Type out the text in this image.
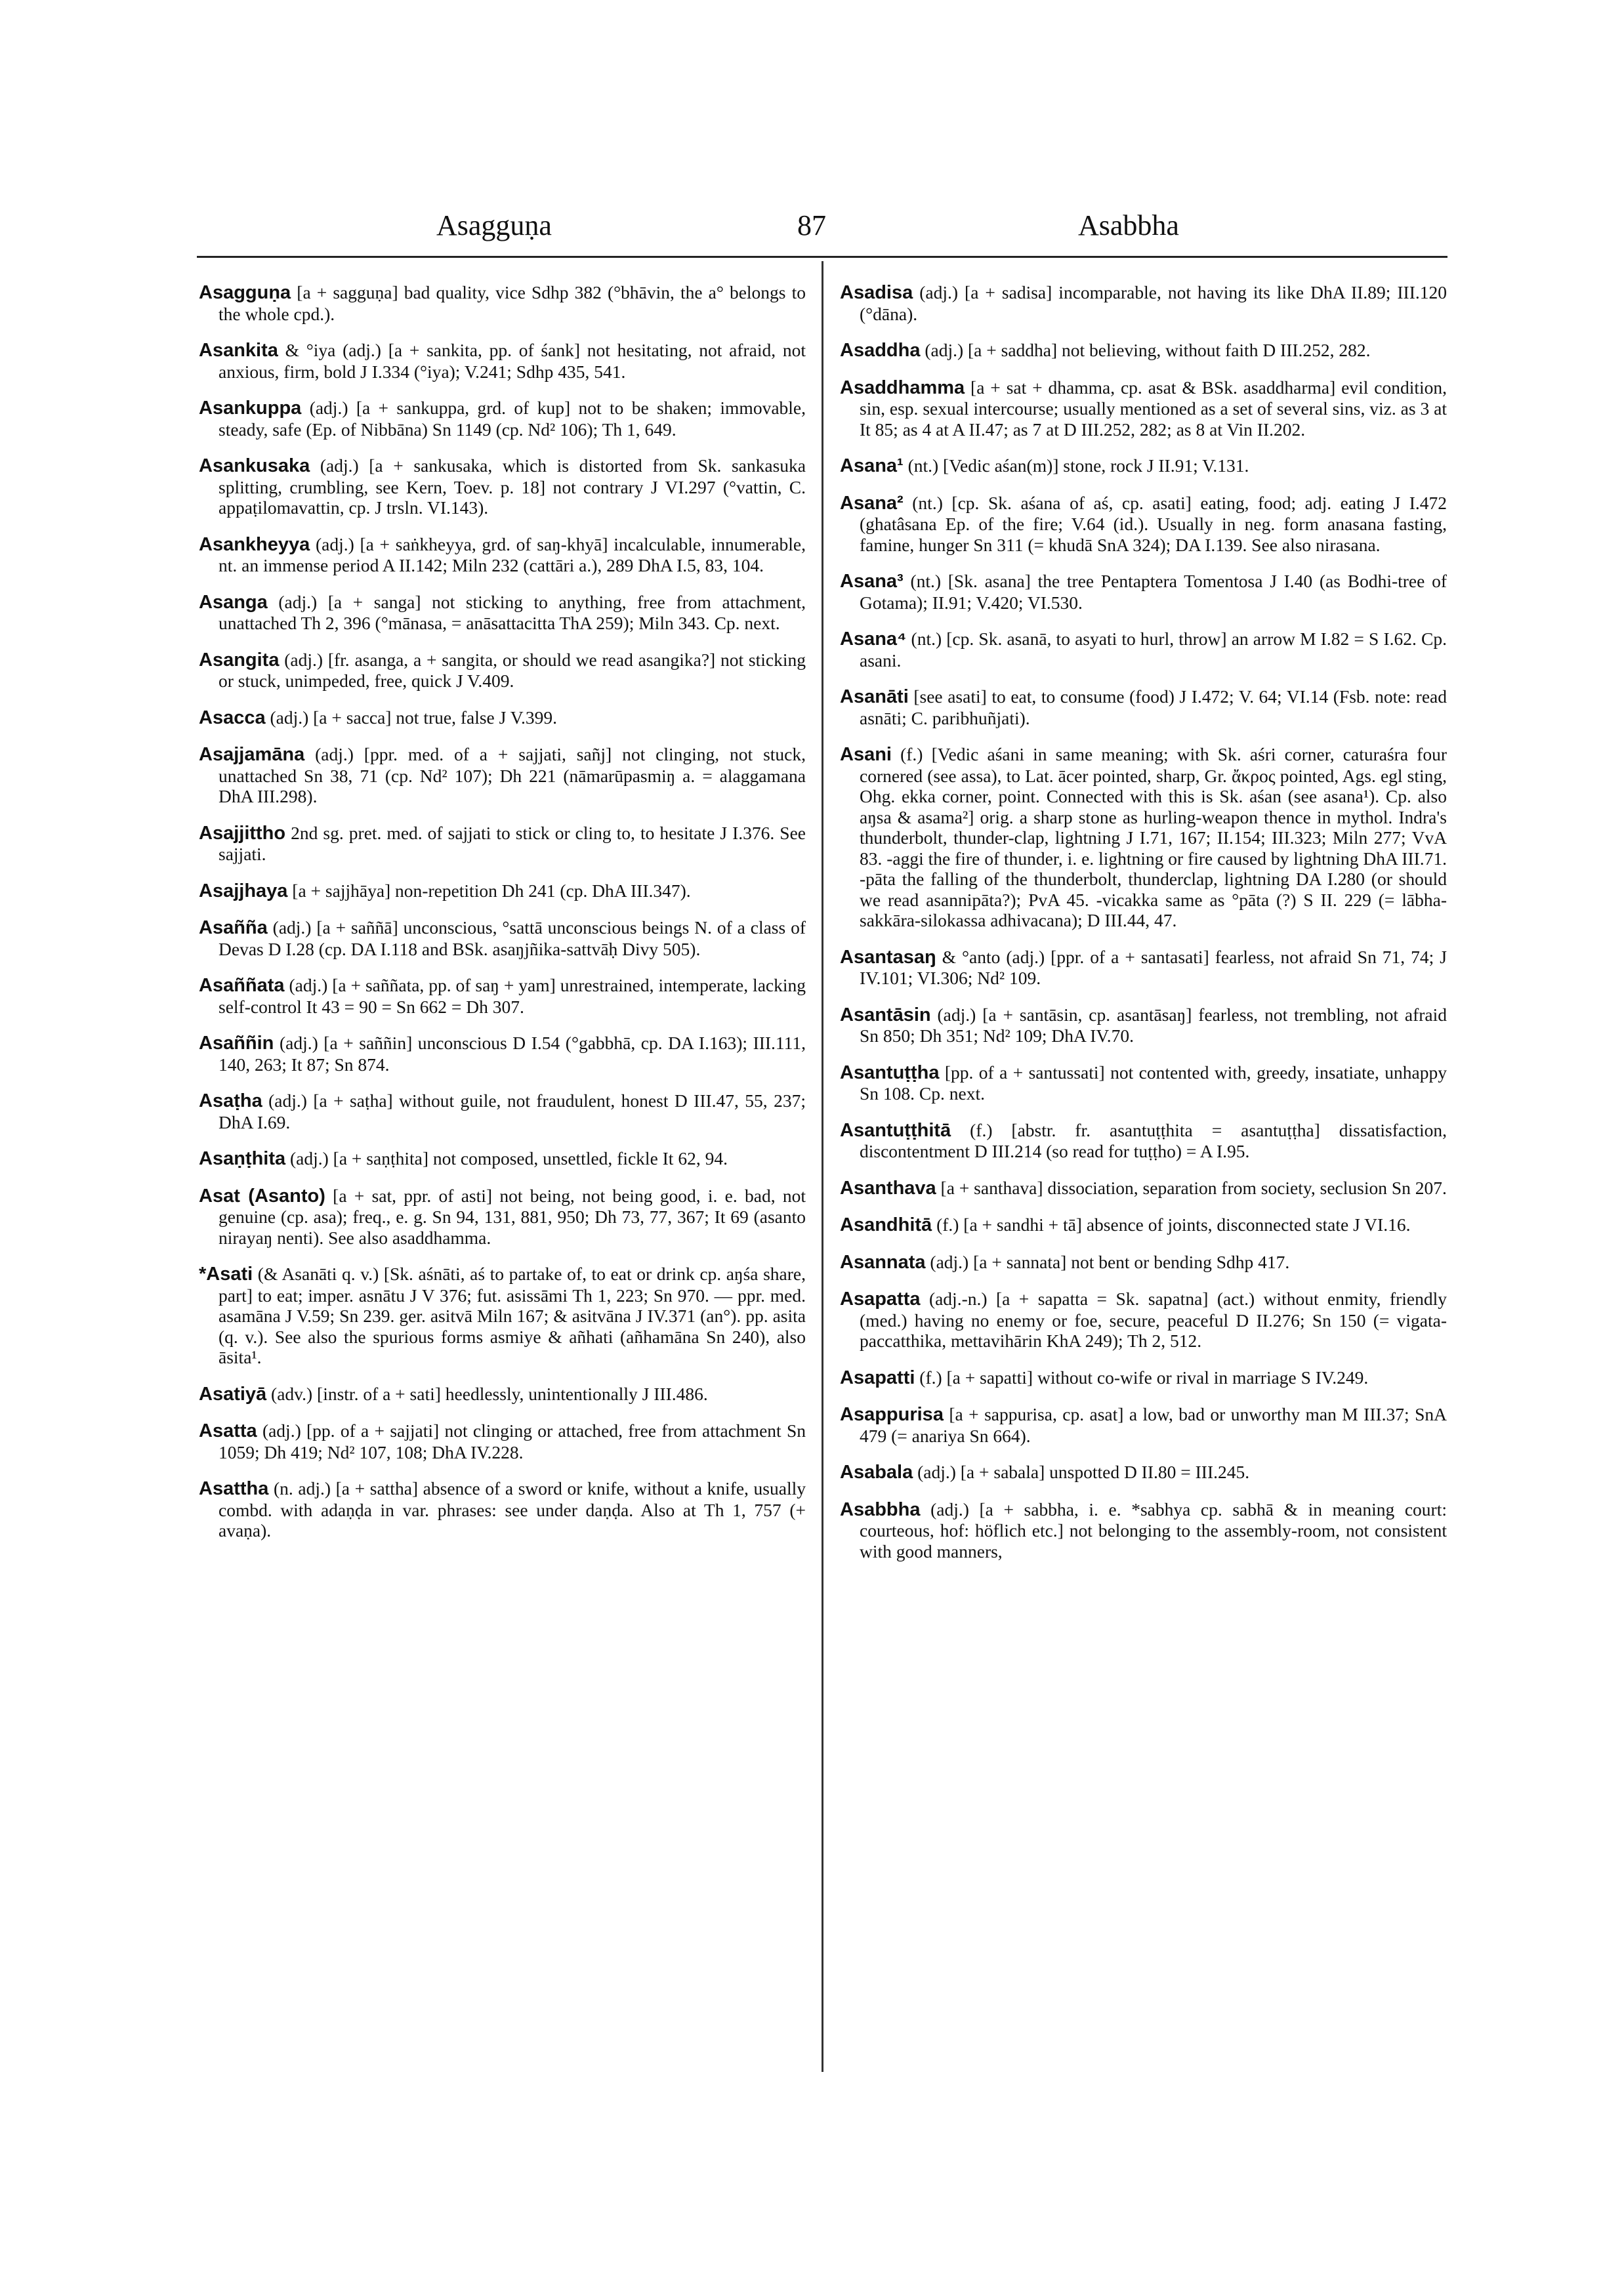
Asagguṇa	87	Asabbha

Asagguṇa [a + sagguṇa] bad quality, vice Sdhp 382 (°bhāvin, the a° belongs to the whole cpd.).

Asankita & °iya (adj.) [a + sankita, pp. of śank] not hesitating, not afraid, not anxious, firm, bold J I.334 (°iya); V.241; Sdhp 435, 541.

Asankuppa (adj.) [a + sankuppa, grd. of kup] not to be shaken; immovable, steady, safe (Ep. of Nibbāna) Sn 1149 (cp. Nd² 106); Th 1, 649.

Asankusaka (adj.) [a + sankusaka, which is distorted from Sk. sankasuka splitting, crumbling, see Kern, Toev. p. 18] not contrary J VI.297 (°vattin, C. appaṭilomavattin, cp. J trsln. VI.143).

Asankheyya (adj.) [a + saṅkheyya, grd. of saŋ-khyā] incalculable, innumerable, nt. an immense period A II.142; Miln 232 (cattāri a.), 289 DhA I.5, 83, 104.

Asanga (adj.) [a + sanga] not sticking to anything, free from attachment, unattached Th 2, 396 (°mānasa, = anāsattacitta ThA 259); Miln 343. Cp. next.

Asangita (adj.) [fr. asanga, a + sangita, or should we read asangika?] not sticking or stuck, unimpeded, free, quick J V.409.

Asacca (adj.) [a + sacca] not true, false J V.399.

Asajjamāna (adj.) [ppr. med. of a + sajjati, sañj] not clinging, not stuck, unattached Sn 38, 71 (cp. Nd² 107); Dh 221 (nāmarūpasmiŋ a. = alaggamana DhA III.298).

Asajjittho 2nd sg. pret. med. of sajjati to stick or cling to, to hesitate J I.376. See sajjati.

Asajjhaya [a + sajjhāya] non-repetition Dh 241 (cp. DhA III.347).

Asañña (adj.) [a + saññā] unconscious, °sattā unconscious beings N. of a class of Devas D I.28 (cp. DA I.118 and BSk. asaŋjñika-sattvāḥ Divy 505).

Asaññata (adj.) [a + saññata, pp. of saŋ + yam] unrestrained, intemperate, lacking self-control It 43 = 90 = Sn 662 = Dh 307.

Asaññin (adj.) [a + saññin] unconscious D I.54 (°gabbhā, cp. DA I.163); III.111, 140, 263; It 87; Sn 874.

Asaṭha (adj.) [a + saṭha] without guile, not fraudulent, honest D III.47, 55, 237; DhA I.69.

Asaṇṭhita (adj.) [a + saṇṭhita] not composed, unsettled, fickle It 62, 94.

Asat (Asanto) [a + sat, ppr. of asti] not being, not being good, i. e. bad, not genuine (cp. asa); freq., e. g. Sn 94, 131, 881, 950; Dh 73, 77, 367; It 69 (asanto nirayaŋ nenti). See also asaddhamma.

*Asati (& Asanāti q. v.) [Sk. aśnāti, aś to partake of, to eat or drink cp. aŋśa share, part] to eat; imper. asnātu J V 376; fut. asissāmi Th 1, 223; Sn 970. — ppr. med. asamāna J V.59; Sn 239. ger. asitvā Miln 167; & asitvāna J IV.371 (an°). pp. asita (q. v.). See also the spurious forms asmiye & añhati (añhamāna Sn 240), also āsita¹.

Asatiyā (adv.) [instr. of a + sati] heedlessly, unintentionally J III.486.

Asatta (adj.) [pp. of a + sajjati] not clinging or attached, free from attachment Sn 1059; Dh 419; Nd² 107, 108; DhA IV.228.

Asattha (n. adj.) [a + sattha] absence of a sword or knife, without a knife, usually combd. with adaṇḍa in var. phrases: see under daṇḍa. Also at Th 1, 757 (+ avaṇa).

Asadisa (adj.) [a + sadisa] incomparable, not having its like DhA II.89; III.120 (°dāna).

Asaddha (adj.) [a + saddha] not believing, without faith D III.252, 282.

Asaddhamma [a + sat + dhamma, cp. asat & BSk. asaddharma] evil condition, sin, esp. sexual intercourse; usually mentioned as a set of several sins, viz. as 3 at It 85; as 4 at A II.47; as 7 at D III.252, 282; as 8 at Vin II.202.

Asana¹ (nt.) [Vedic aśan(m)] stone, rock J II.91; V.131.

Asana² (nt.) [cp. Sk. aśana of aś, cp. asati] eating, food; adj. eating J I.472 (ghatâsana Ep. of the fire; V.64 (id.). Usually in neg. form anasana fasting, famine, hunger Sn 311 (= khudā SnA 324); DA I.139. See also nirasana.

Asana³ (nt.) [Sk. asana] the tree Pentaptera Tomentosa J I.40 (as Bodhi-tree of Gotama); II.91; V.420; VI.530.

Asana⁴ (nt.) [cp. Sk. asanā, to asyati to hurl, throw] an arrow M I.82 = S I.62. Cp. asani.

Asanāti [see asati] to eat, to consume (food) J I.472; V. 64; VI.14 (Fsb. note: read asnāti; C. paribhuñjati).

Asani (f.) [Vedic aśani in same meaning; with Sk. aśri corner, caturaśra four cornered (see assa), to Lat. ācer pointed, sharp, Gr. ἄκρος pointed, Ags. egl sting, Ohg. ekka corner, point. Connected with this is Sk. aśan (see asana¹). Cp. also aŋsa & asama²] orig. a sharp stone as hurling-weapon thence in mythol. Indra's thunderbolt, thunder-clap, lightning J I.71, 167; II.154; III.323; Miln 277; VvA 83. -aggi the fire of thunder, i. e. lightning or fire caused by lightning DhA III.71. -pāta the falling of the thunderbolt, thunderclap, lightning DA I.280 (or should we read asannipāta?); PvA 45. -vicakka same as °pāta (?) S II. 229 (= lābha-sakkāra-silokassa adhivacana); D III.44, 47.

Asantasaŋ & °anto (adj.) [ppr. of a + santasati] fearless, not afraid Sn 71, 74; J IV.101; VI.306; Nd² 109.

Asantāsin (adj.) [a + santāsin, cp. asantāsaŋ] fearless, not trembling, not afraid Sn 850; Dh 351; Nd² 109; DhA IV.70.

Asantuṭṭha [pp. of a + santussati] not contented with, greedy, insatiate, unhappy Sn 108. Cp. next.

Asantuṭṭhitā (f.) [abstr. fr. asantuṭṭhita = asantuṭṭha] dissatisfaction, discontentment D III.214 (so read for tuṭṭho) = A I.95.

Asanthava [a + santhava] dissociation, separation from society, seclusion Sn 207.

Asandhitā (f.) [a + sandhi + tā] absence of joints, disconnected state J VI.16.

Asannata (adj.) [a + sannata] not bent or bending Sdhp 417.

Asapatta (adj.-n.) [a + sapatta = Sk. sapatna] (act.) without enmity, friendly (med.) having no enemy or foe, secure, peaceful D II.276; Sn 150 (= vigata-paccatthika, mettavihārin KhA 249); Th 2, 512.

Asapatti (f.) [a + sapatti] without co-wife or rival in marriage S IV.249.

Asappurisa [a + sappurisa, cp. asat] a low, bad or unworthy man M III.37; SnA 479 (= anariya Sn 664).

Asabala (adj.) [a + sabala] unspotted D II.80 = III.245.

Asabbha (adj.) [a + sabbha, i. e. *sabhya cp. sabhā & in meaning court: courteous, hof: höflich etc.] not belonging to the assembly-room, not consistent with good manners,
